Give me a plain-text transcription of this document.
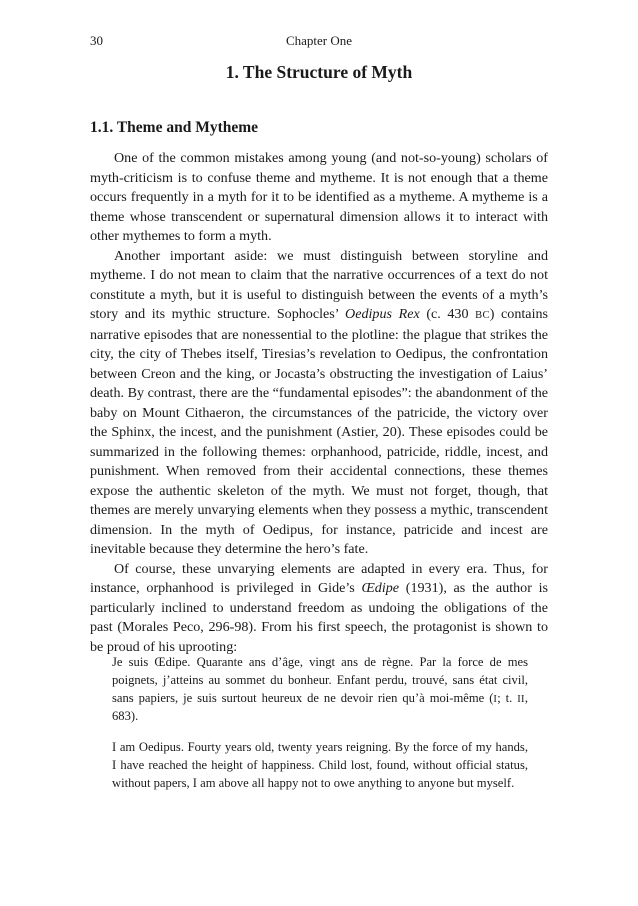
30	Chapter One
1. The Structure of Myth
1.1. Theme and Mytheme

One of the common mistakes among young (and not-so-young) scholars of myth-criticism is to confuse theme and mytheme. It is not enough that a theme occurs frequently in a myth for it to be identified as a mytheme. A mytheme is a theme whose transcendent or supernatural dimension allows it to interact with other mythemes to form a myth.

Another important aside: we must distinguish between storyline and mytheme. I do not mean to claim that the narrative occurrences of a text do not constitute a myth, but it is useful to distinguish between the events of a myth’s story and its mythic structure. Sophocles’ Oedipus Rex (c. 430 BC) contains narrative episodes that are nonessential to the plotline: the plague that strikes the city, the city of Thebes itself, Tiresias’s revelation to Oedipus, the confrontation between Creon and the king, or Jocasta’s obstructing the investigation of Laius’ death. By contrast, there are the “fundamental episodes”: the abandonment of the baby on Mount Cithaeron, the circumstances of the patricide, the victory over the Sphinx, the incest, and the punishment (Astier, 20). These episodes could be summarized in the following themes: orphanhood, patricide, riddle, incest, and punishment. When removed from their accidental connections, these themes expose the authentic skeleton of the myth. We must not forget, though, that themes are merely unvarying elements when they possess a mythic, transcendent dimension. In the myth of Oedipus, for instance, patricide and incest are inevitable because they determine the hero’s fate.

Of course, these unvarying elements are adapted in every era. Thus, for instance, orphanhood is privileged in Gide’s Œdipe (1931), as the author is particularly inclined to understand freedom as undoing the obligations of the past (Morales Peco, 296-98). From his first speech, the protagonist is shown to be proud of his uprooting:

Je suis Œdipe. Quarante ans d’âge, vingt ans de règne. Par la force de mes poignets, j’atteins au sommet du bonheur. Enfant perdu, trouvé, sans état civil, sans papiers, je suis surtout heureux de ne devoir rien qu’à moi-même (I; t. II, 683).

I am Oedipus. Fourty years old, twenty years reigning. By the force of my hands, I have reached the height of happiness. Child lost, found, without official status, without papers, I am above all happy not to owe anything to anyone but myself.
